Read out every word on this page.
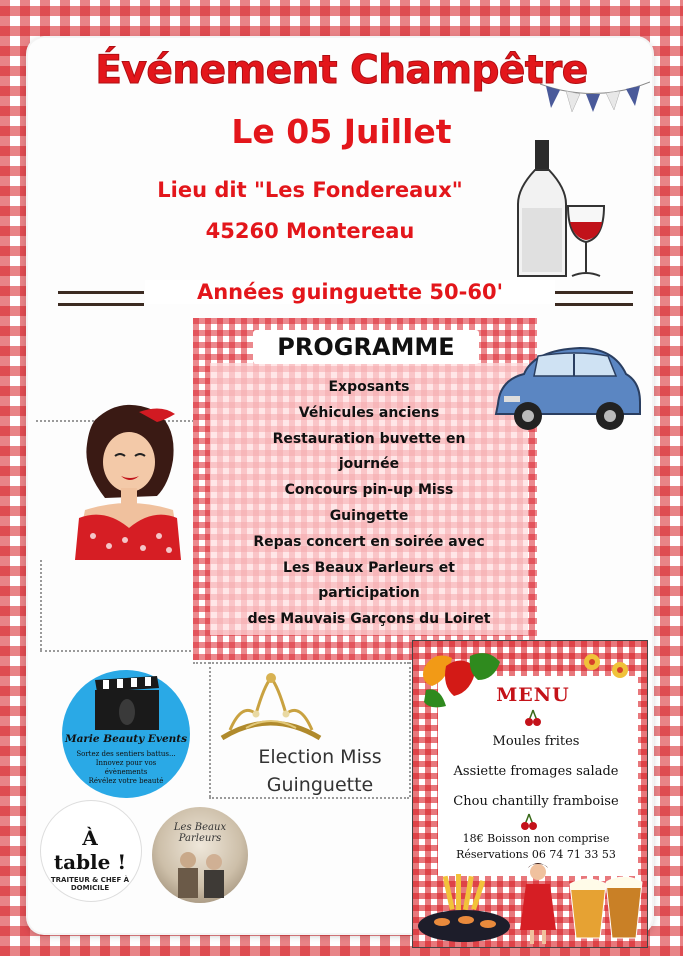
Événement Champêtre
Le 05 Juillet
Lieu dit "Les Fondereaux"
45260 Montereau
Années guinguette 50-60'
PROGRAMME
Exposants
Véhicules anciens
Restauration buvette en
journée
Concours pin-up Miss
Guingette
Repas concert en soirée avec
Les Beaux Parleurs et
participation
des Mauvais Garçons du Loiret
Election Miss
Guinguette
Marie Beauty Events
Sortez des sentiers battus...
Innovez pour vos évènements
Révélez votre beauté
À table !
TRAITEUR & CHEF À DOMICILE
Les Beaux
Parleurs
MENU
Moules frites
Assiette fromages salade
Chou chantilly framboise
18€ Boisson non comprise
Réservations 06 74 71 33 53
